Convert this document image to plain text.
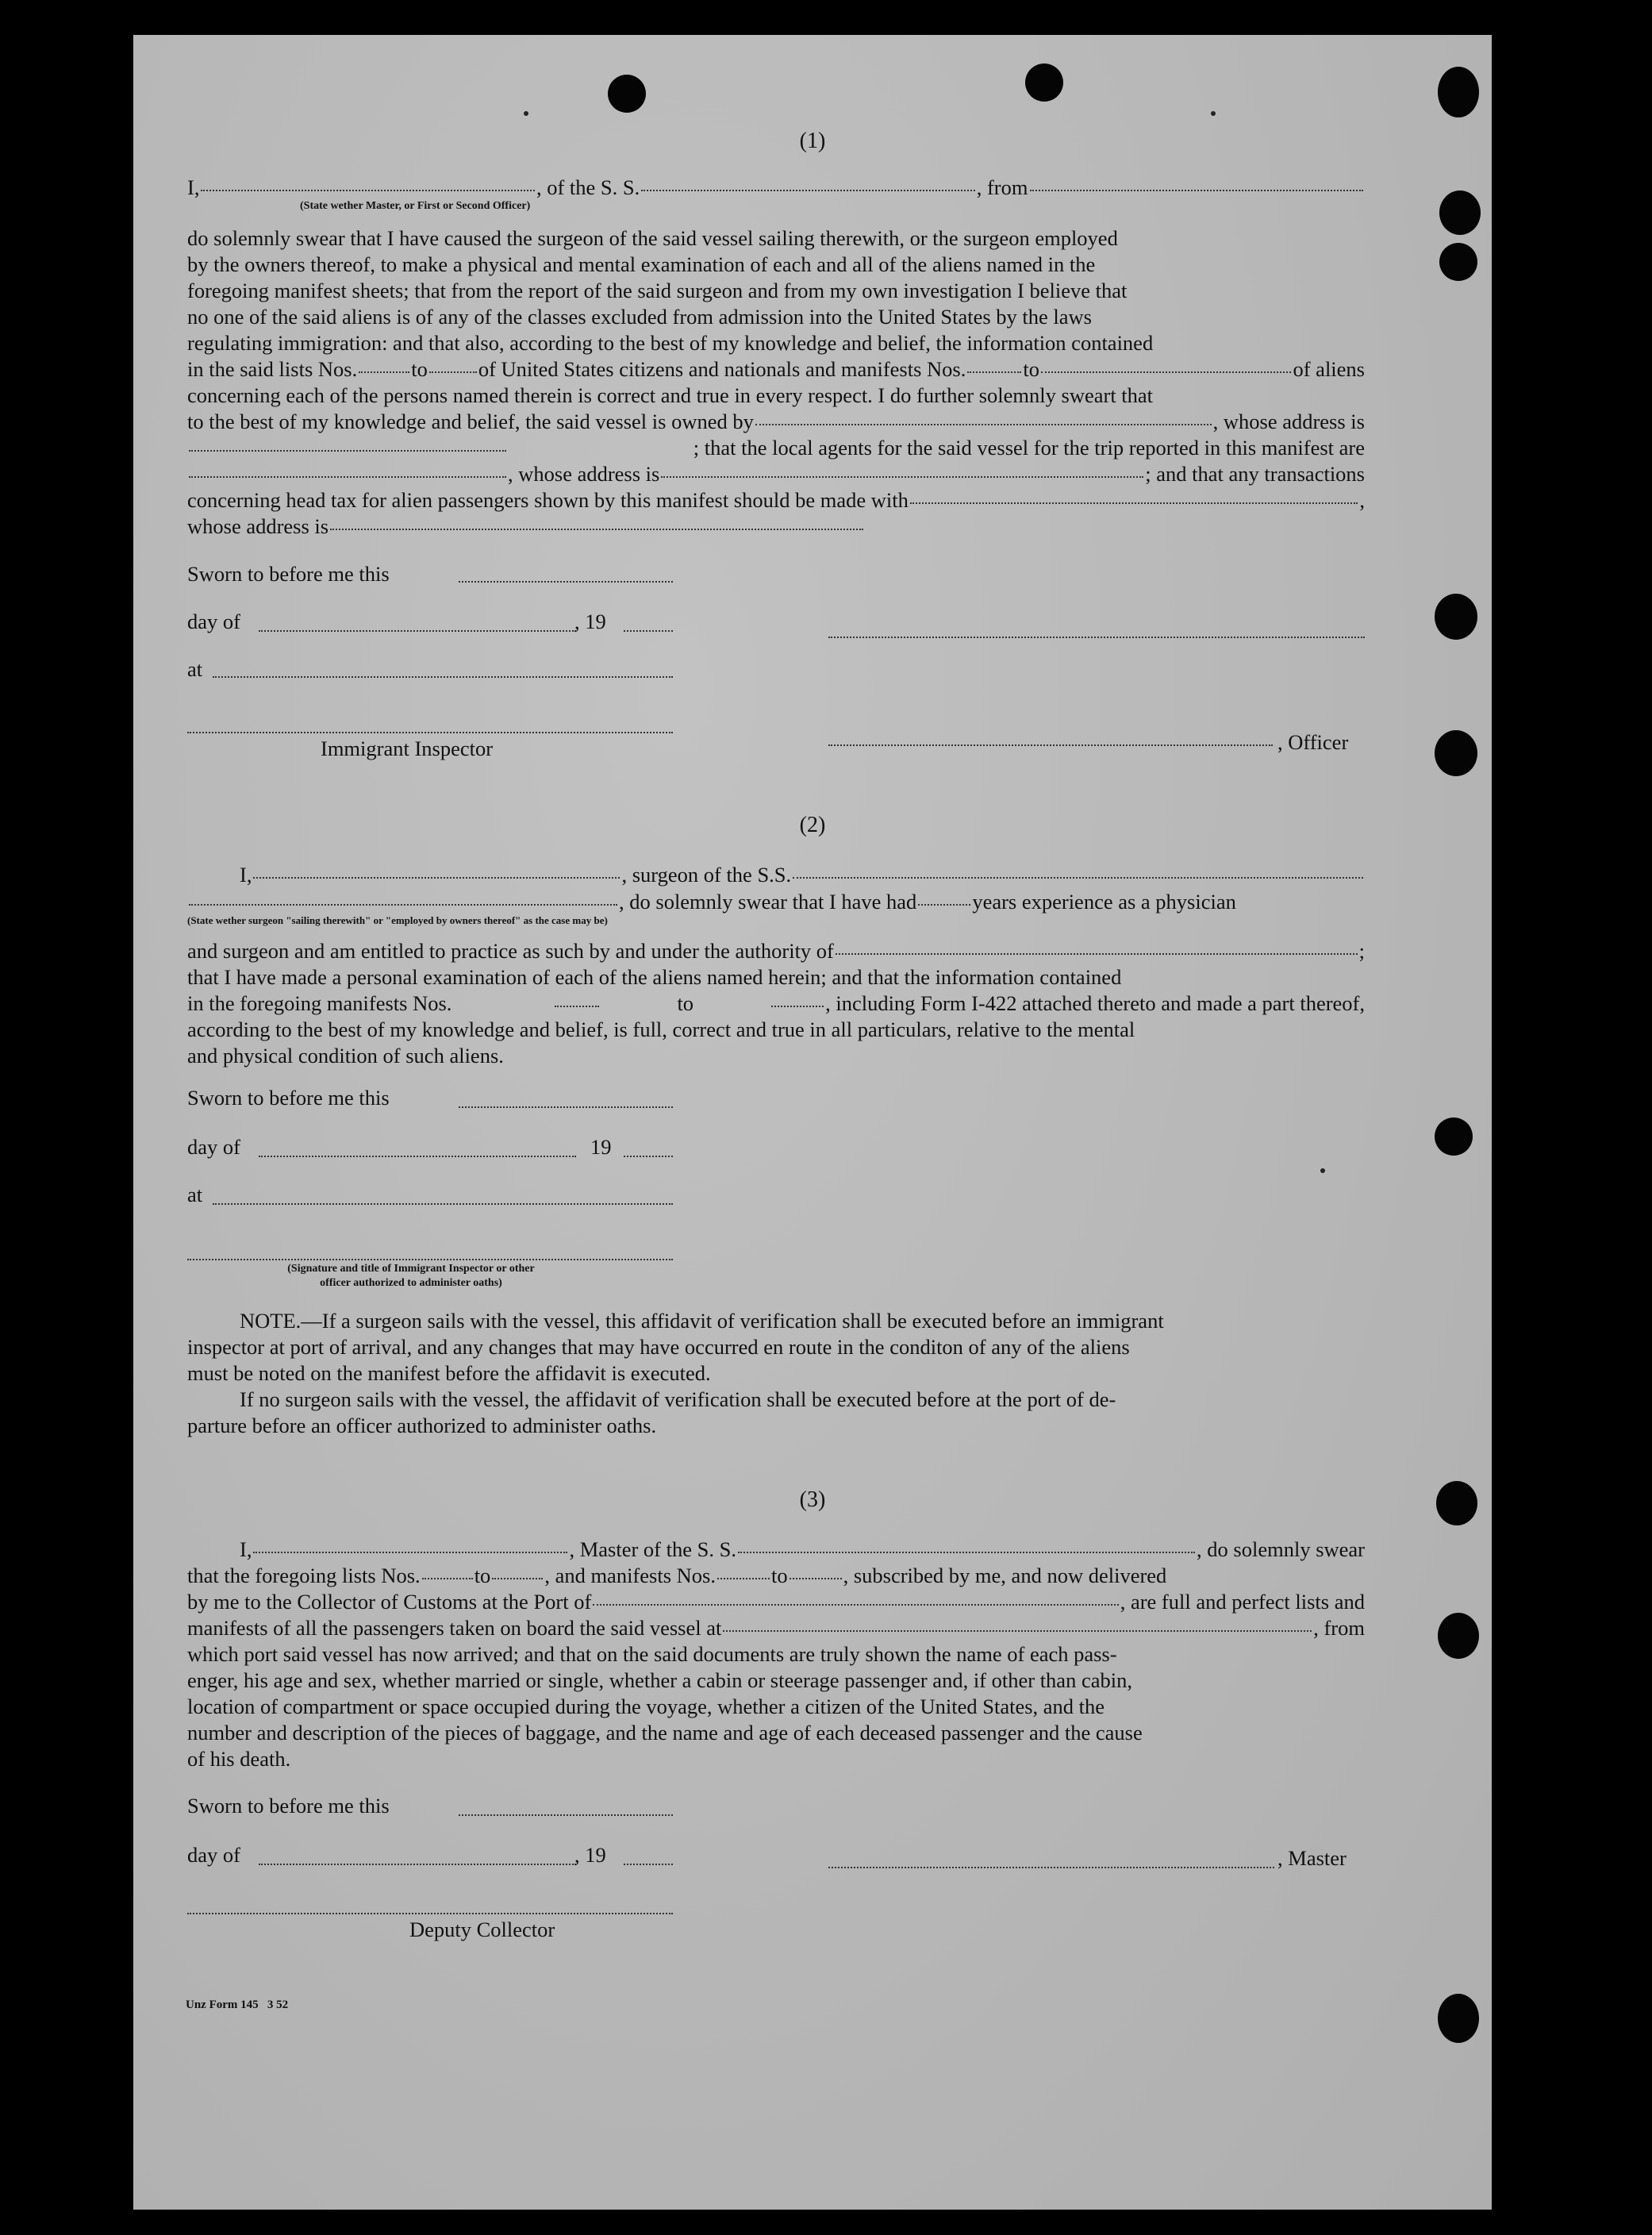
(1)
I,	, of the S. S.	, from
(State wether Master, or First or Second Officer)
do solemnly swear that I have caused the surgeon of the said vessel sailing therewith, or the surgeon employed
by the owners thereof, to make a physical and mental examination of each and all of the aliens named in the
foregoing manifest sheets; that from the report of the said surgeon and from my own investigation I believe that
no one of the said aliens is of any of the classes excluded from admission into the United States by the laws
regulating immigration: and that also, according to the best of my knowledge and belief, the information contained
in the said lists Nos.	to of United States citizens and nationals and manifests Nos.	to	of aliens
concerning each of the persons named therein is correct and true in every respect. I do further solemnly sweart that
to the best of my knowledge and belief, the said vessel is owned by	, whose address is
; that the local agents for the said vessel for the trip reported in this manifest are
, whose address is	; and that any transactions
concerning head tax for alien passengers shown by this manifest should be made with	,
whose address is
Sworn to before me this
day of	, 19
at
Immigrant Inspector	, Officer
(2)
I,	, surgeon of the S.S.
, do solemnly swear that I have had	years experience as a physician
(State wether surgeon "sailing therewith" or "employed by owners thereof" as the case may be)
and surgeon and am entitled to practice as such by and under the authority of	;
that I have made a personal examination of each of the aliens named herein; and that the information contained
in the foregoing manifests Nos.	to	, including Form I-422 attached thereto and made a part thereof,
according to the best of my knowledge and belief, is full, correct and true in all particulars, relative to the mental
and physical condition of such aliens.
Sworn to before me this
day of	19
at
(Signature and title of Immigrant Inspector or other
officer authorized to administer oaths)
NOTE.—If a surgeon sails with the vessel, this affidavit of verification shall be executed before an immigrant
inspector at port of arrival, and any changes that may have occurred en route in the conditon of any of the aliens
must be noted on the manifest before the affidavit is executed.
If no surgeon sails with the vessel, the affidavit of verification shall be executed before at the port of de-
parture before an officer authorized to administer oaths.
(3)
I,	, Master of the S. S.	, do solemnly swear
that the foregoing lists Nos.	to	, and manifests Nos.	to	, subscribed by me, and now delivered
by me to the Collector of Customs at the Port of	, are full and perfect lists and
manifests of all the passengers taken on board the said vessel at	, from
which port said vessel has now arrived; and that on the said documents are truly shown the name of each pass-
enger, his age and sex, whether married or single, whether a cabin or steerage passenger and, if other than cabin,
location of compartment or space occupied during the voyage, whether a citizen of the United States, and the
number and description of the pieces of baggage, and the name and age of each deceased passenger and the cause
of his death.
Sworn to before me this
day of	, 19	, Master
Deputy Collector
Unz Form 145   3 52
